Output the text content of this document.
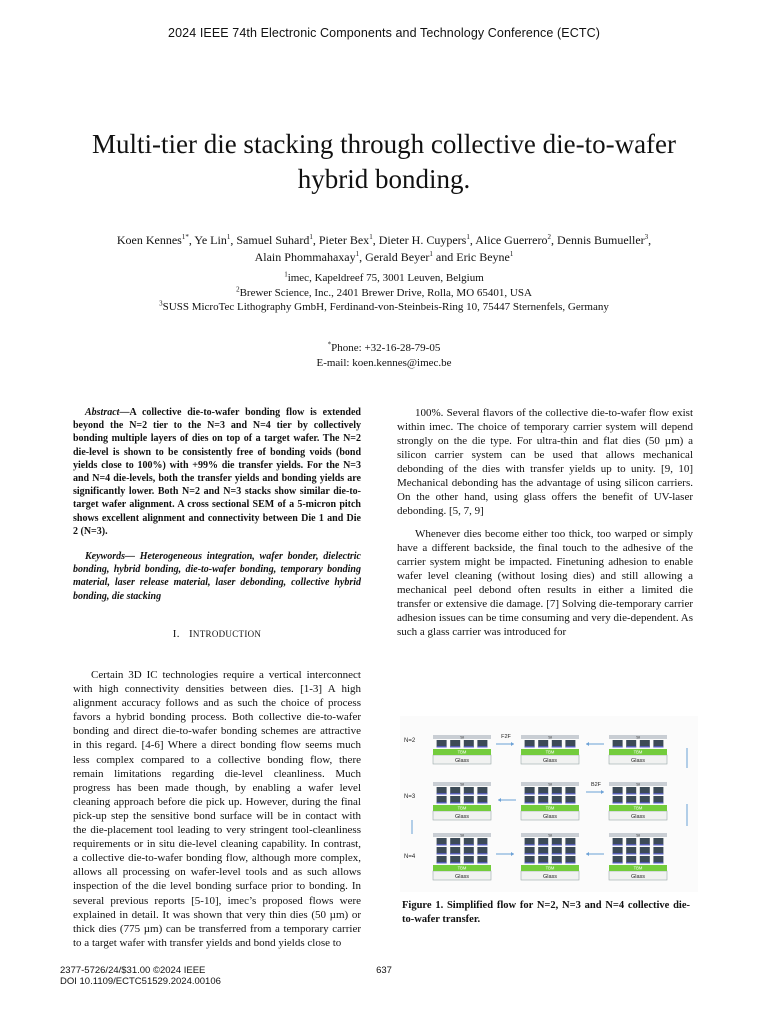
2024 IEEE 74th Electronic Components and Technology Conference (ECTC)
Multi-tier die stacking through collective die-to-wafer
hybrid bonding.
Koen Kennes$^{1*}$, Ye Lin$^1$, Samuel Suhard$^1$, Pieter Bex$^1$, Dieter H. Cuypers$^1$, Alice Guerrero$^2$, Dennis Bumueller$^3$,
Alain Phommahaxay$^1$, Gerald Beyer$^1$ and Eric Beyne$^1$
$^1$imec, Kapeldreef 75, 3001 Leuven, Belgium
$^2$Brewer Science, Inc., 2401 Brewer Drive, Rolla, MO 65401, USA
$^3$SUSS MicroTec Lithography GmbH, Ferdinand-von-Steinbeis-Ring 10, 75447 Sternenfels, Germany
*Phone: +32-16-28-79-05
E-mail: koen.kennes@imec.be

Abstract—A collective die-to-wafer bonding flow is extended beyond the N=2 tier to the N=3 and N=4 tier by collectively bonding multiple layers of dies on top of a target wafer. The N=2 die-level is shown to be consistently free of bonding voids (bond yields close to 100%) with +99% die transfer yields. For the N=3 and N=4 die-levels, both the transfer yields and bonding yields are significantly lower. Both N=2 and N=3 stacks show similar die-to-target wafer alignment. A cross sectional SEM of a 5-micron pitch shows excellent alignment and connectivity between Die 1 and Die 2 (N=3).

Keywords— Heterogeneous integration, wafer bonder, dielectric bonding, hybrid bonding, die-to-wafer bonding, temporary bonding material, laser release material, laser debonding, collective hybrid bonding, die stacking

I. INTRODUCTION

Certain 3D IC technologies require a vertical interconnect with high connectivity densities between dies. [1-3] A high alignment accuracy follows and as such the choice of process favors a hybrid bonding process. Both collective die-to-wafer bonding and direct die-to-wafer bonding schemes are attractive in this regard. [4-6] Where a direct bonding flow seems much less complex compared to a collective bonding flow, there remain limitations regarding die-level cleanliness. Much progress has been made though, by enabling a wafer level cleaning approach before die pick up. However, during the final pick-up step the sensitive bond surface will be in contact with the die-placement tool leading to very stringent tool-cleanliness requirements or in situ die-level cleaning capability. In contrast, a collective die-to-wafer bonding flow, although more complex, allows all processing on wafer-level tools and as such allows inspection of the die level bonding surface prior to bonding. In several previous reports [5-10], imec’s proposed flows were explained in detail. It was shown that very thin dies (50 µm) or thick dies (775 µm) can be transferred from a temporary carrier to a target wafer with transfer yields and bond yields close to

100%. Several flavors of the collective die-to-wafer flow exist within imec. The choice of temporary carrier system will depend strongly on the die type. For ultra-thin and flat dies (50 µm) a silicon carrier system can be used that allows mechanical debonding of the dies with transfer yields up to unity. [9, 10] Mechanical debonding has the advantage of using silicon carriers. On the other hand, using glass offers the benefit of UV-laser debonding. [5, 7, 9]

Whenever dies become either too thick, too warped or simply have a different backside, the final touch to the adhesive of the carrier system might be impacted. Finetuning adhesion to enable wafer level cleaning (without losing dies) and still allowing a mechanical peel debond often results in either a limited die transfer or extensive die damage. [7] Solving die-temporary carrier adhesion issues can be time consuming and very die-dependent. As such a glass carrier was introduced for

N=2
N=3
N=4
Glass
TBM
Si
Glass
TBM
Si
Glass
TBM
Si
F2F
Glass
TBM
Si
Glass
TBM
Si
Glass
TBM
Si
B2F
Glass
TBM
Si
Glass
TBM
Si
Glass
TBM
Si
Figure 1. Simplified flow for N=2, N=3 and N=4 collective die-to-wafer transfer.
2377-5726/24/$31.00 ©2024 IEEE
DOI 10.1109/ECTC51529.2024.00106
637
